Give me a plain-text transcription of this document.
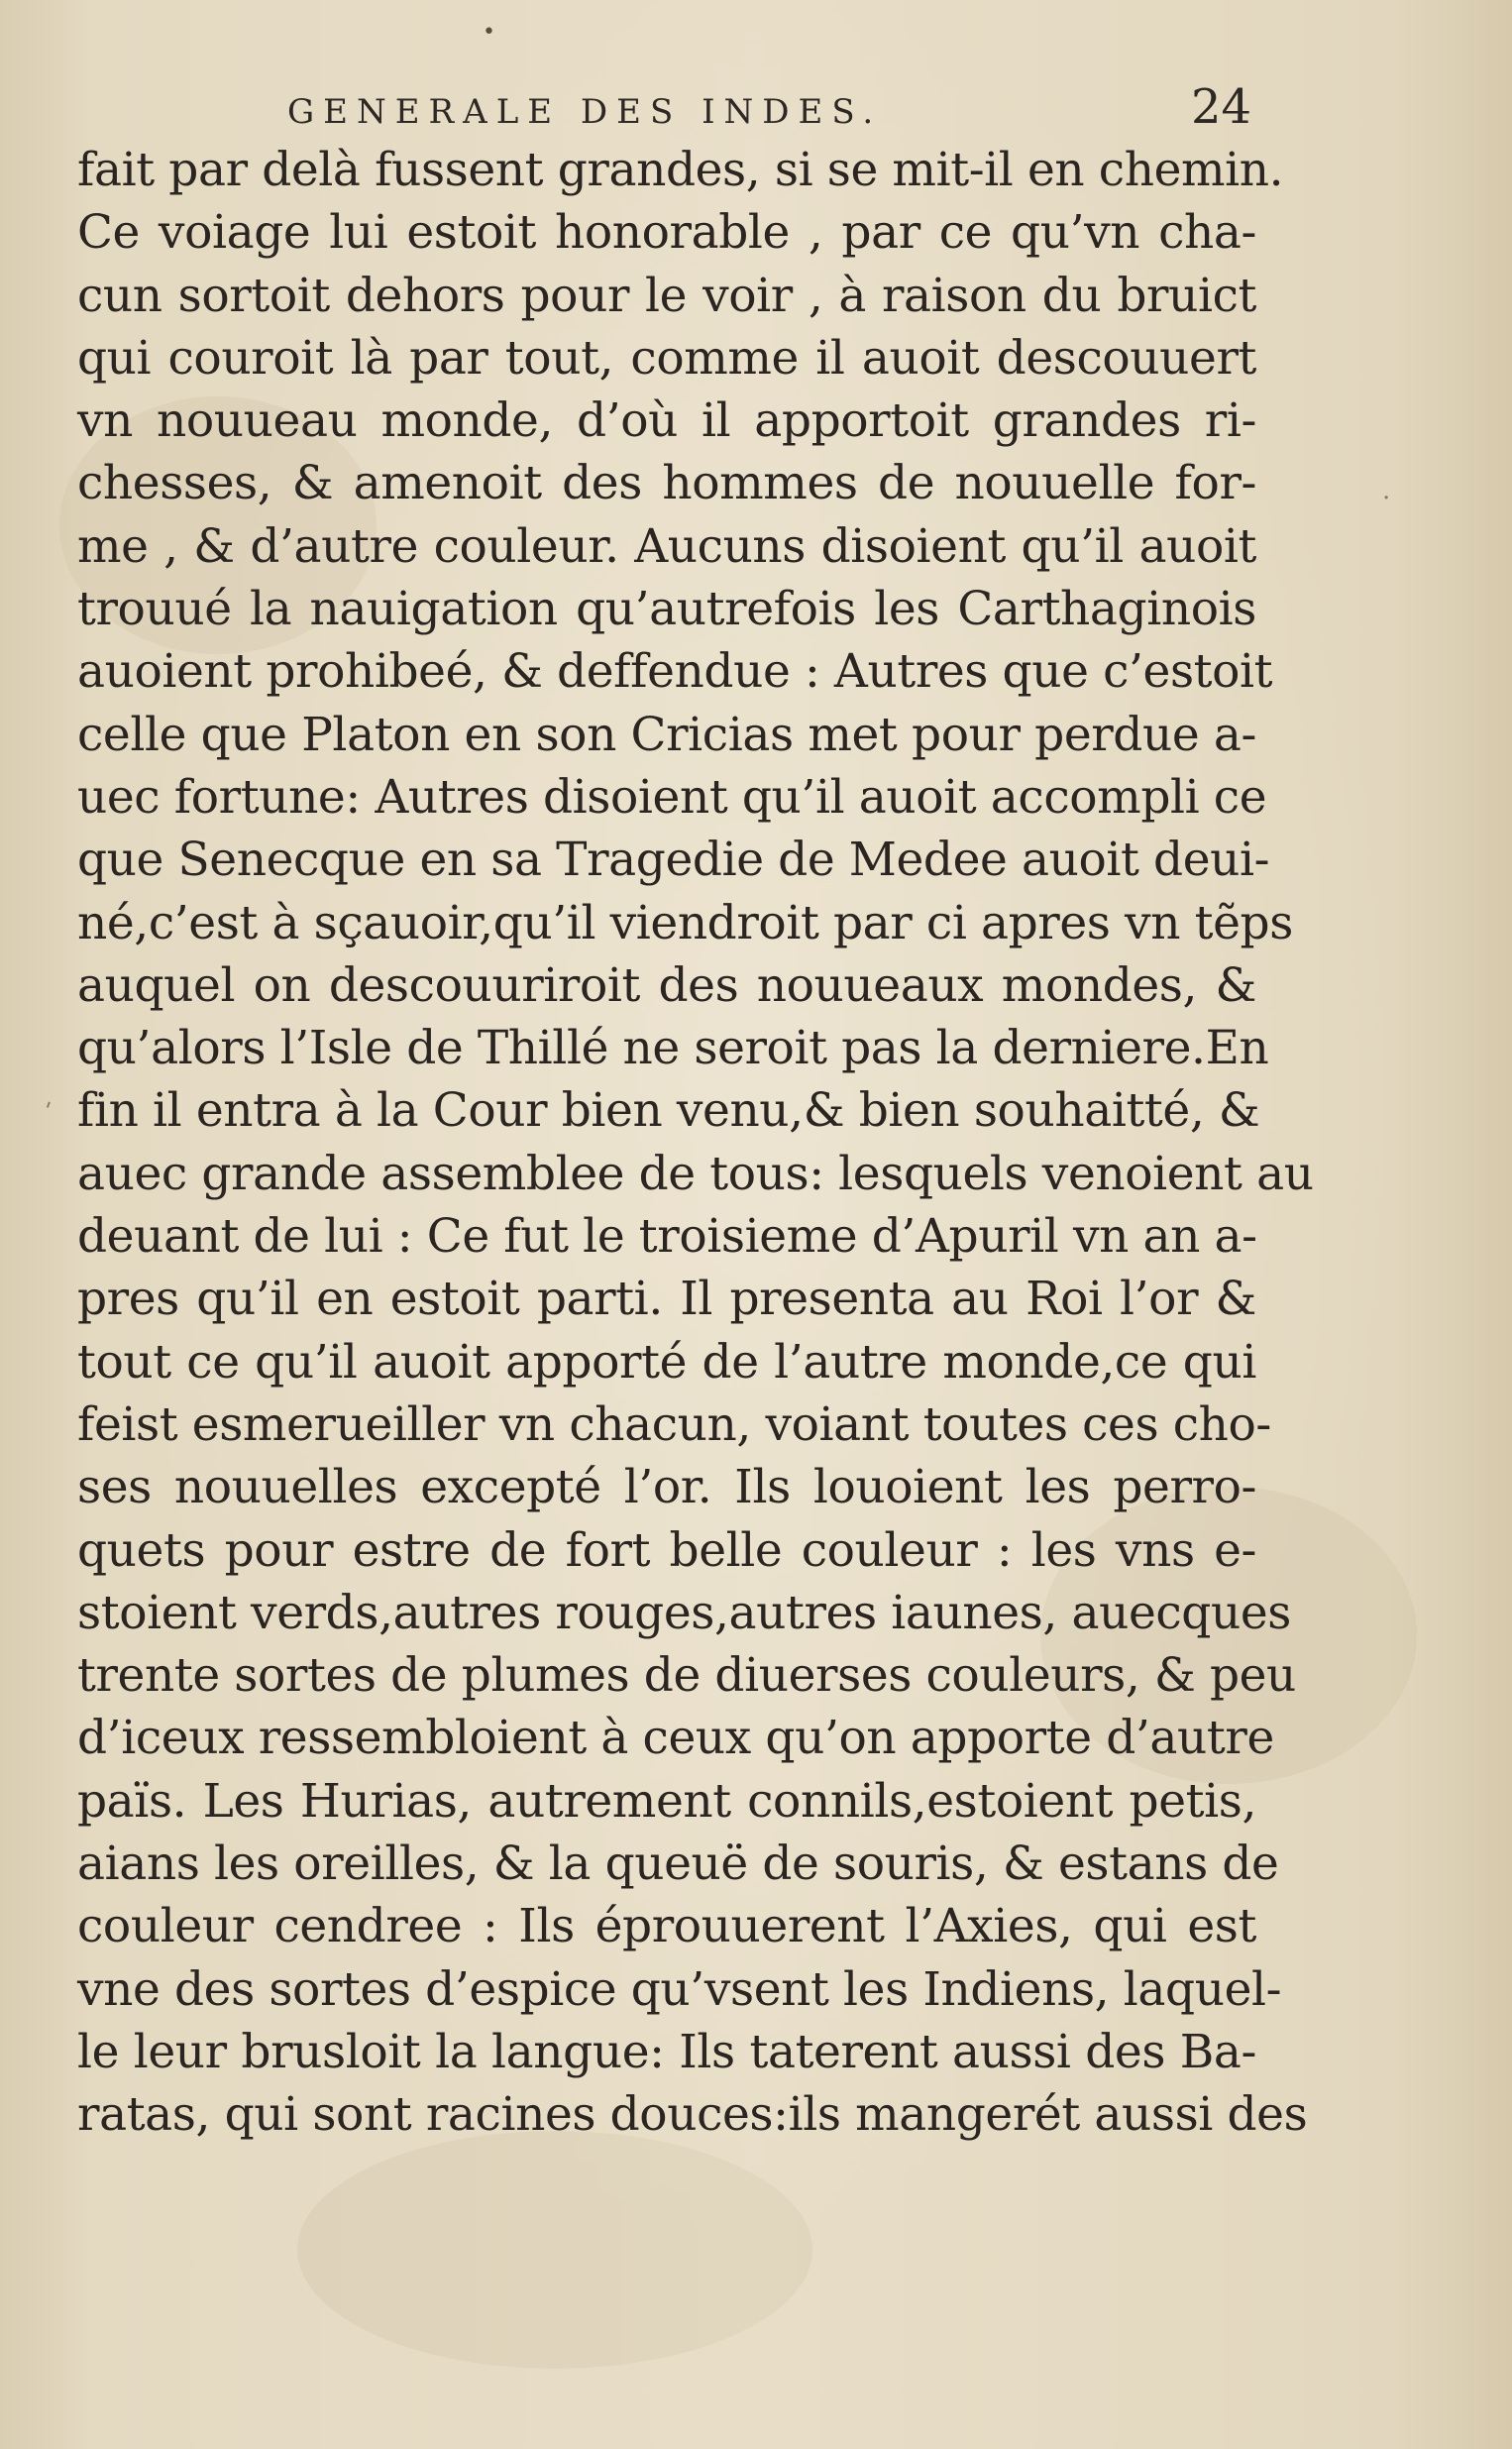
•
GENERALE DES INDES.	24
·
ˌ
fait par delà fussent grandes, si se mit-il en chemin.
Ce voiage lui estoit honorable , par ce qu’vn cha-
cun sortoit dehors pour le voir , à raison du bruict
qui couroit là par tout, comme il auoit descouuert
vn nouueau monde, d’où il apportoit grandes ri-
chesses, & amenoit des hommes de nouuelle for-
me , & d’autre couleur. Aucuns disoient qu’il auoit
trouué la nauigation qu’autrefois les Carthaginois
auoient prohibeé, & deffendue : Autres que c’estoit
celle que Platon en son Cricias met pour perdue a-
uec fortune: Autres disoient qu’il auoit accompli ce
que Senecque en sa Tragedie de Medee auoit deui-
né,c’est à sçauoir,qu’il viendroit par ci apres vn tẽps
auquel on descouuriroit des nouueaux mondes, &
qu’alors l’Isle de Thillé ne seroit pas la derniere.En
fin il entra à la Cour bien venu,& bien souhaitté, &
auec grande assemblee de tous: lesquels venoient au
deuant de lui : Ce fut le troisieme d’Apuril vn an a-
pres qu’il en estoit parti. Il presenta au Roi l’or &
tout ce qu’il auoit apporté de l’autre monde,ce qui
feist esmerueiller vn chacun, voiant toutes ces cho-
ses nouuelles excepté l’or. Ils louoient les perro-
quets pour estre de fort belle couleur : les vns e-
stoient verds,autres rouges,autres iaunes, auecques
trente sortes de plumes de diuerses couleurs, & peu
d’iceux ressembloient à ceux qu’on apporte d’autre
païs. Les Hurias, autrement connils,estoient petis,
aians les oreilles, & la queuë de souris, & estans de
couleur cendree : Ils éprouuerent l’Axies, qui est
vne des sortes d’espice qu’vsent les Indiens, laquel-
le leur brusloit la langue: Ils taterent aussi des Ba-
ratas, qui sont racines douces:ils mangerét aussi des
